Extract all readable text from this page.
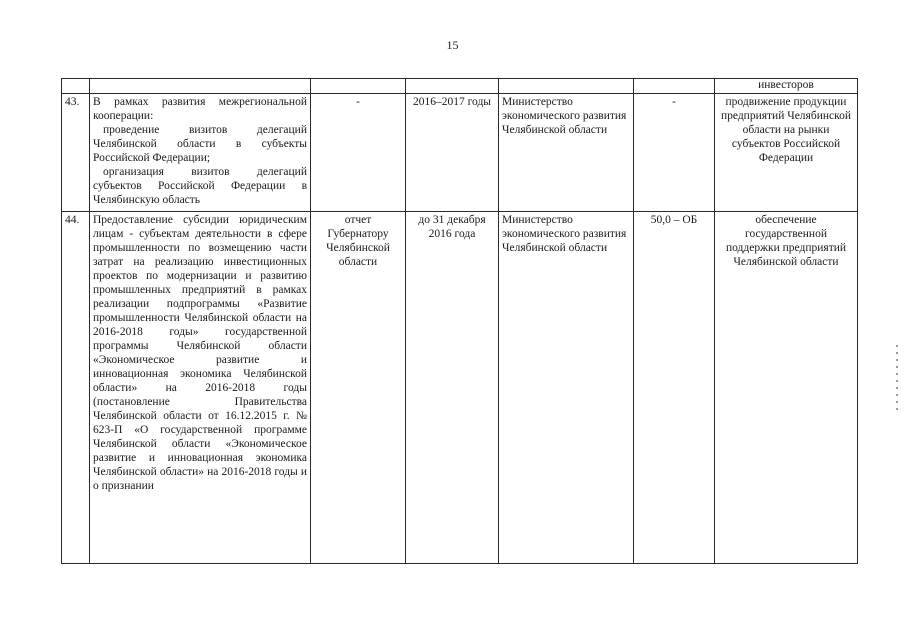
15
						инвесторов
43.	В рамках развития межрегиональной кооперации:
проведение визитов делегаций Челябинской области в субъекты Российской Федерации;
организация визитов делегаций субъектов Российской Федерации в Челябинскую область	-	2016–2017 годы	Министерство экономического развития Челябинской области	-	продвижение продукции предприятий Челябинской области на рынки субъектов Российской Федерации
44.	Предоставление субсидии юридическим лицам - субъектам деятельности в сфере промышленности по возмещению части затрат на реализацию инвестиционных проектов по модернизации и развитию промышленных предприятий в рамках реализации подпрограммы «Развитие промышленности Челябинской области на 2016-2018 годы» государственной программы Челябинской области «Экономическое развитие и инновационная экономика Челябинской области» на 2016-2018 годы (постановление Правительства Челябинской области от 16.12.2015 г. № 623-П «О государственной программе Челябинской области «Экономическое развитие и инновационная экономика Челябинской области» на 2016-2018 годы и о признании	отчет Губернатору Челябинской области	до 31 декабря 2016 года	Министерство экономического развития Челябинской области	50,0 – ОБ	обеспечение государственной поддержки предприятий Челябинской области
